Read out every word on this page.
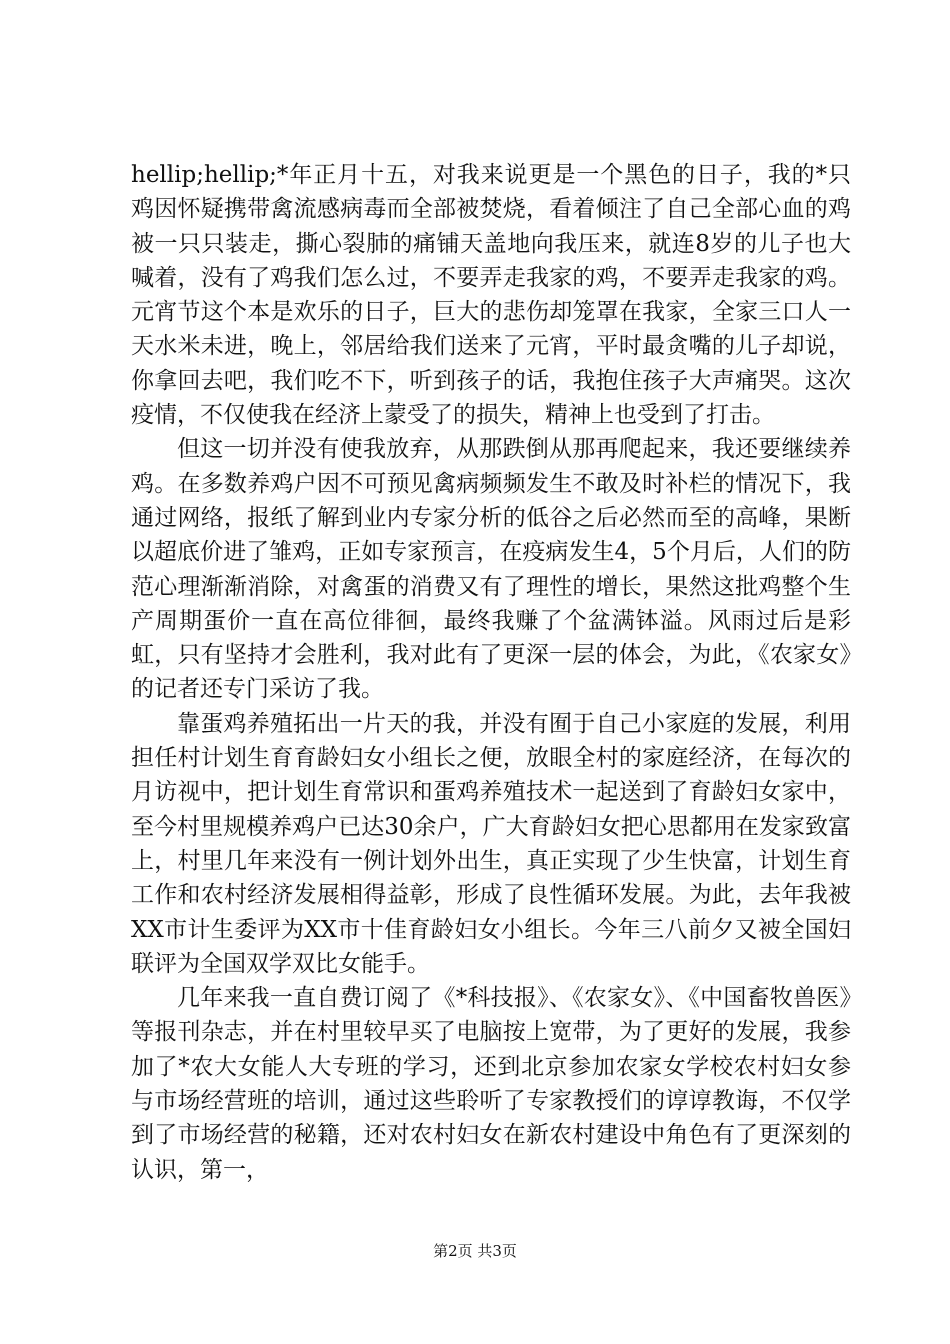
hellip;hellip;*年正月十五，对我来说更是一个黑色的日子，我的*只鸡因怀疑携带禽流感病毒而全部被焚烧，看着倾注了自己全部心血的鸡被一只只装走，撕心裂肺的痛铺天盖地向我压来，就连8岁的儿子也大喊着，没有了鸡我们怎么过，不要弄走我家的鸡，不要弄走我家的鸡。元宵节这个本是欢乐的日子，巨大的悲伤却笼罩在我家，全家三口人一天水米未进，晚上，邻居给我们送来了元宵，平时最贪嘴的儿子却说，你拿回去吧，我们吃不下，听到孩子的话，我抱住孩子大声痛哭。这次疫情，不仅使我在经济上蒙受了的损失，精神上也受到了打击。

但这一切并没有使我放弃，从那跌倒从那再爬起来，我还要继续养鸡。在多数养鸡户因不可预见禽病频频发生不敢及时补栏的情况下，我通过网络，报纸了解到业内专家分析的低谷之后必然而至的高峰，果断以超底价进了雏鸡，正如专家预言，在疫病发生4，5个月后，人们的防范心理渐渐消除，对禽蛋的消费又有了理性的增长，果然这批鸡整个生产周期蛋价一直在高位徘徊，最终我赚了个盆满钵溢。风雨过后是彩虹，只有坚持才会胜利，我对此有了更深一层的体会，为此，《农家女》的记者还专门采访了我。

靠蛋鸡养殖拓出一片天的我，并没有囿于自己小家庭的发展，利用担任村计划生育育龄妇女小组长之便，放眼全村的家庭经济，在每次的月访视中，把计划生育常识和蛋鸡养殖技术一起送到了育龄妇女家中，至今村里规模养鸡户已达30余户，广大育龄妇女把心思都用在发家致富上，村里几年来没有一例计划外出生，真正实现了少生快富，计划生育工作和农村经济发展相得益彰，形成了良性循环发展。为此，去年我被XX市计生委评为XX市十佳育龄妇女小组长。今年三八前夕又被全国妇联评为全国双学双比女能手。

几年来我一直自费订阅了《*科技报》、《农家女》、《中国畜牧兽医》等报刊杂志，并在村里较早买了电脑按上宽带，为了更好的发展，我参加了*农大女能人大专班的学习，还到北京参加农家女学校农村妇女参与市场经营班的培训，通过这些聆听了专家教授们的谆谆教诲，不仅学到了市场经营的秘籍，还对农村妇女在新农村建设中角色有了更深刻的认识，第一，

第2页 共3页
